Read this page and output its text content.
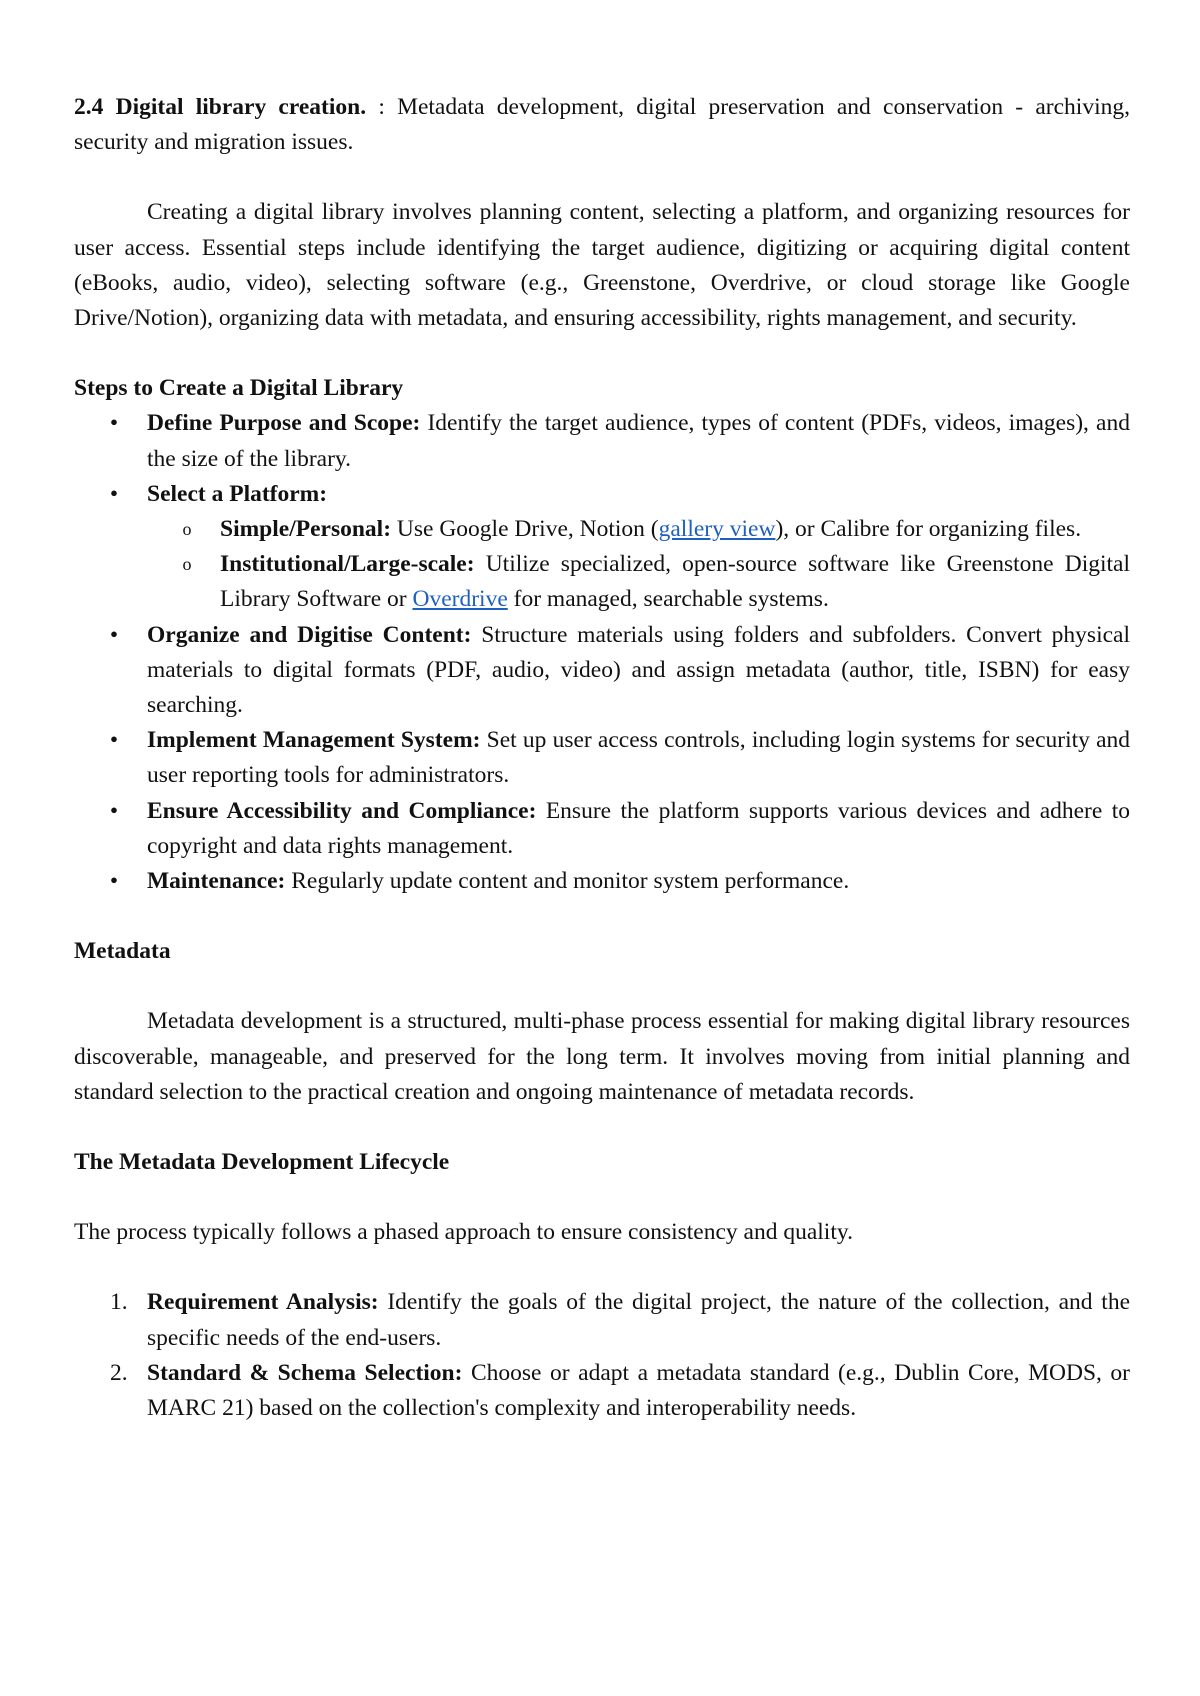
2.4 Digital library creation. : Metadata development, digital preservation and conservation - archiving, security and migration issues.

Creating a digital library involves planning content, selecting a platform, and organizing resources for user access. Essential steps include identifying the target audience, digitizing or acquiring digital content (eBooks, audio, video), selecting software (e.g., Greenstone, Overdrive, or cloud storage like Google Drive/Notion), organizing data with metadata, and ensuring accessibility, rights management, and security.

Steps to Create a Digital Library

• Define Purpose and Scope: Identify the target audience, types of content (PDFs, videos, images), and the size of the library.
• Select a Platform:
o Simple/Personal: Use Google Drive, Notion (gallery view), or Calibre for organizing files.
o Institutional/Large-scale: Utilize specialized, open-source software like Greenstone Digital Library Software or Overdrive for managed, searchable systems.
• Organize and Digitise Content: Structure materials using folders and subfolders. Convert physical materials to digital formats (PDF, audio, video) and assign metadata (author, title, ISBN) for easy searching.
• Implement Management System: Set up user access controls, including login systems for security and user reporting tools for administrators.
• Ensure Accessibility and Compliance: Ensure the platform supports various devices and adhere to copyright and data rights management.
• Maintenance: Regularly update content and monitor system performance.

Metadata

Metadata development is a structured, multi-phase process essential for making digital library resources discoverable, manageable, and preserved for the long term. It involves moving from initial planning and standard selection to the practical creation and ongoing maintenance of metadata records.

The Metadata Development Lifecycle

The process typically follows a phased approach to ensure consistency and quality.

1. Requirement Analysis: Identify the goals of the digital project, the nature of the collection, and the specific needs of the end-users.
2. Standard & Schema Selection: Choose or adapt a metadata standard (e.g., Dublin Core, MODS, or MARC 21) based on the collection's complexity and interoperability needs.
